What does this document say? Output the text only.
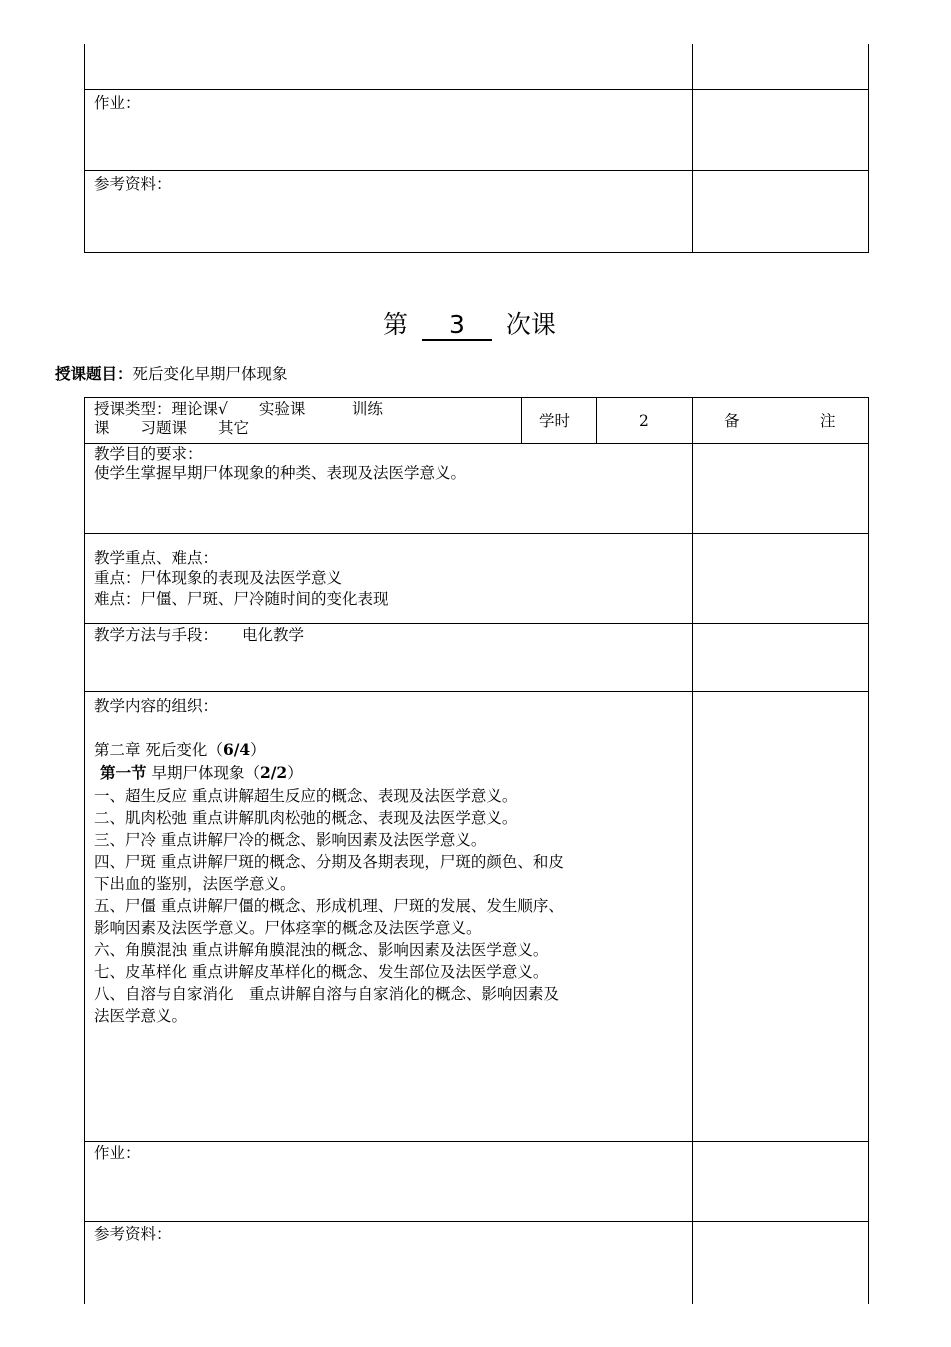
作业：
参考资料：
第 3 次课
授课题目：死后变化早期尸体现象
授课类型：理论课√　　实验课　　　训练
课　　习题课　　其它	学时	2	备	注
教学目的要求：
使学生掌握早期尸体现象的种类、表现及法医学意义。
教学重点、难点：
重点：尸体现象的表现及法医学意义
难点：尸僵、尸斑、尸冷随时间的变化表现
教学方法与手段： 电化教学
教学内容的组织：
第二章 死后变化（6/4）
第一节 早期尸体现象（2/2）
一、超生反应 重点讲解超生反应的概念、表现及法医学意义。
二、肌肉松弛 重点讲解肌肉松弛的概念、表现及法医学意义。
三、尸冷 重点讲解尸冷的概念、影响因素及法医学意义。
四、尸斑 重点讲解尸斑的概念、分期及各期表现，尸斑的颜色、和皮
下出血的鉴别，法医学意义。
五、尸僵 重点讲解尸僵的概念、形成机理、尸斑的发展、发生顺序、
影响因素及法医学意义。尸体痉挛的概念及法医学意义。
六、角膜混浊 重点讲解角膜混浊的概念、影响因素及法医学意义。
七、皮革样化 重点讲解皮革样化的概念、发生部位及法医学意义。
八、自溶与自家消化　重点讲解自溶与自家消化的概念、影响因素及
法医学意义。
作业：
参考资料：
